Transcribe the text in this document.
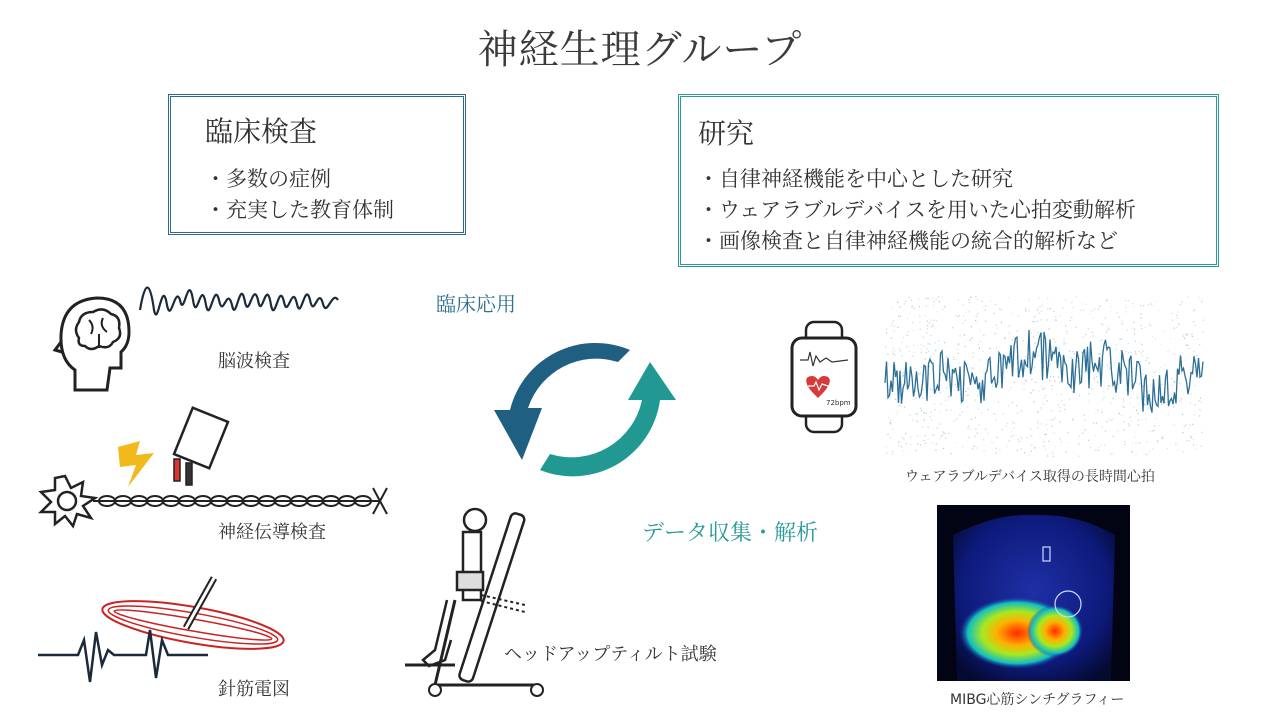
神経生理グループ
臨床検査
・多数の症例
・充実した教育体制
研究
・自律神経機能を中心とした研究
・ウェアラブルデバイスを用いた心拍変動解析
・画像検査と自律神経機能の統合的解析など
脳波検査
神経伝導検査
針筋電図
臨床応用
データ収集・解析
ヘッドアップティルト試験
72bpm
ウェアラブルデバイス取得の長時間心拍
MIBG心筋シンチグラフィー
